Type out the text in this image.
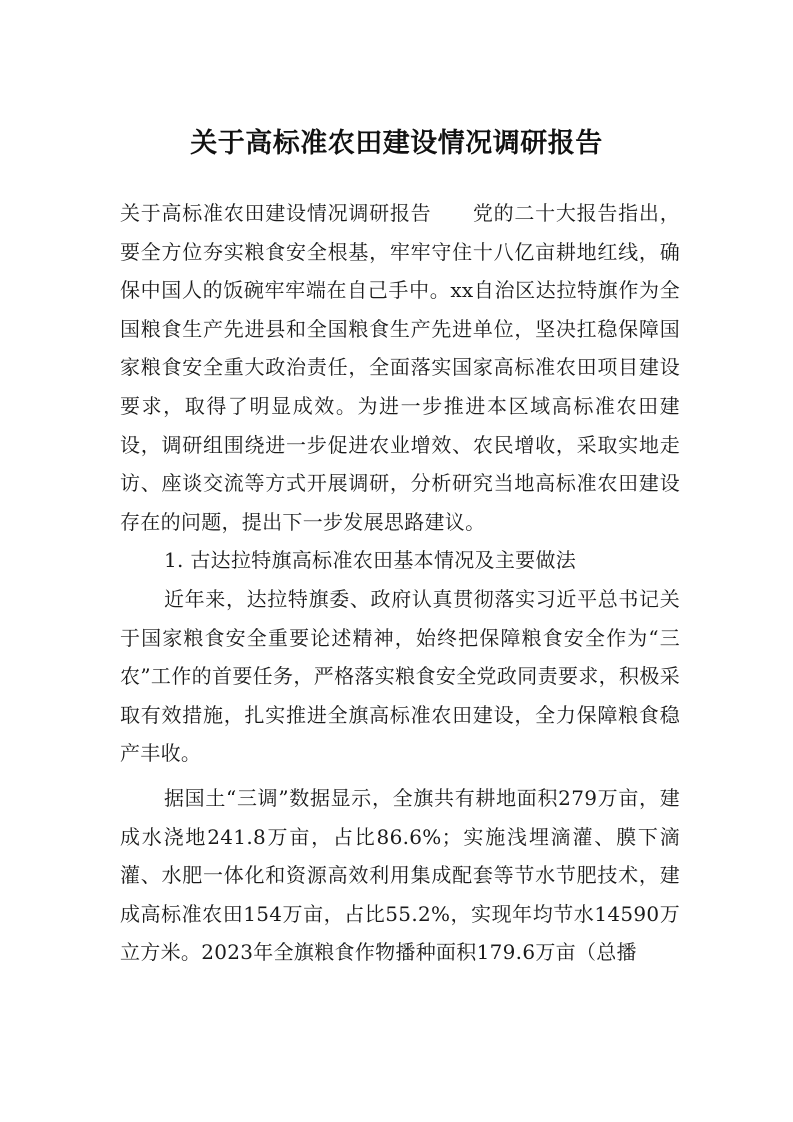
关于高标准农田建设情况调研报告

关于高标准农田建设情况调研报告　　党的二十大报告指出，要全方位夯实粮食安全根基，牢牢守住十八亿亩耕地红线，确保中国人的饭碗牢牢端在自己手中。xx自治区达拉特旗作为全国粮食生产先进县和全国粮食生产先进单位，坚决扛稳保障国家粮食安全重大政治责任，全面落实国家高标准农田项目建设要求，取得了明显成效。为进一步推进本区域高标准农田建设，调研组围绕进一步促进农业增效、农民增收，采取实地走访、座谈交流等方式开展调研，分析研究当地高标准农田建设存在的问题，提出下一步发展思路建议。

1. 古达拉特旗高标准农田基本情况及主要做法

近年来，达拉特旗委、政府认真贯彻落实习近平总书记关于国家粮食安全重要论述精神，始终把保障粮食安全作为“三农”工作的首要任务，严格落实粮食安全党政同责要求，积极采取有效措施，扎实推进全旗高标准农田建设，全力保障粮食稳产丰收。

据国土“三调”数据显示，全旗共有耕地面积279万亩，建成水浇地241.8万亩，占比86.6%；实施浅埋滴灌、膜下滴灌、水肥一体化和资源高效利用集成配套等节水节肥技术，建成高标准农田154万亩，占比55.2%，实现年均节水14590万立方米。2023年全旗粮食作物播种面积179.6万亩（总播
